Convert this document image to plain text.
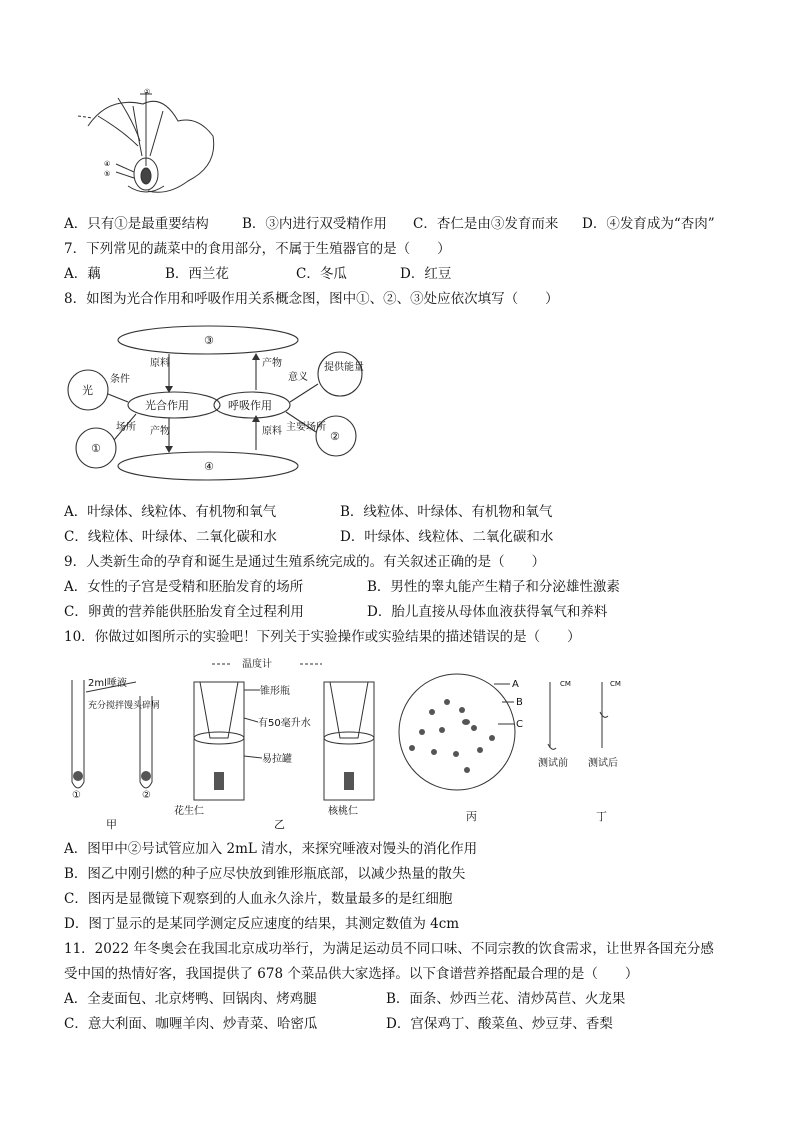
①
④
⑤
A．只有①是最重要结构 B．③内进行双受精作用 C．杏仁是由③发育而来 D．④发育成为“杏肉”
7．下列常见的蔬菜中的食用部分，不属于生殖器官的是（　　）
A．藕	B．西兰花	C．冬瓜	D．红豆
8．如图为光合作用和呼吸作用关系概念图，图中①、②、③处应依次填写（　　）
③
④
光合作用	呼吸作用
光
①
②
提供能量
原料	产物
条件
场所 产物	原料
意义
主要场所
A．叶绿体、线粒体、有机物和氧气	B．线粒体、叶绿体、有机物和氧气
C．线粒体、叶绿体、二氧化碳和水	D．叶绿体、线粒体、二氧化碳和水
9．人类新生命的孕育和诞生是通过生殖系统完成的。有关叙述正确的是（　　）
A．女性的子宫是受精和胚胎发育的场所	B．男性的睾丸能产生精子和分泌雄性激素
C．卵黄的营养能供胚胎发育全过程利用	D．胎儿直接从母体血液获得氧气和养料
10．你做过如图所示的实验吧！下列关于实验操作或实验结果的描述错误的是（　　）
温度计
2ml唾液
充分搅拌馒头碎屑
①	②
锥形瓶
有50毫升水
易拉罐
花生仁	核桃仁
A
B
C
CM	CM
测试前 测试后
甲	乙
丙	丁
A．图甲中②号试管应加入 2mL 清水，来探究唾液对馒头的消化作用
B．图乙中刚引燃的种子应尽快放到锥形瓶底部，以减少热量的散失
C．图丙是显微镜下观察到的人血永久涂片，数量最多的是红细胞
D．图丁显示的是某同学测定反应速度的结果，其测定数值为 4cm
11．2022 年冬奥会在我国北京成功举行，为满足运动员不同口味、不同宗教的饮食需求，让世界各国充分感
受中国的热情好客，我国提供了 678 个菜品供大家选择。以下食谱营养搭配最合理的是（　　）
A．全麦面包、北京烤鸭、回锅肉、烤鸡腿	B．面条、炒西兰花、清炒莴苣、火龙果
C．意大利面、咖喱羊肉、炒青菜、哈密瓜	D．宫保鸡丁、酸菜鱼、炒豆芽、香梨
